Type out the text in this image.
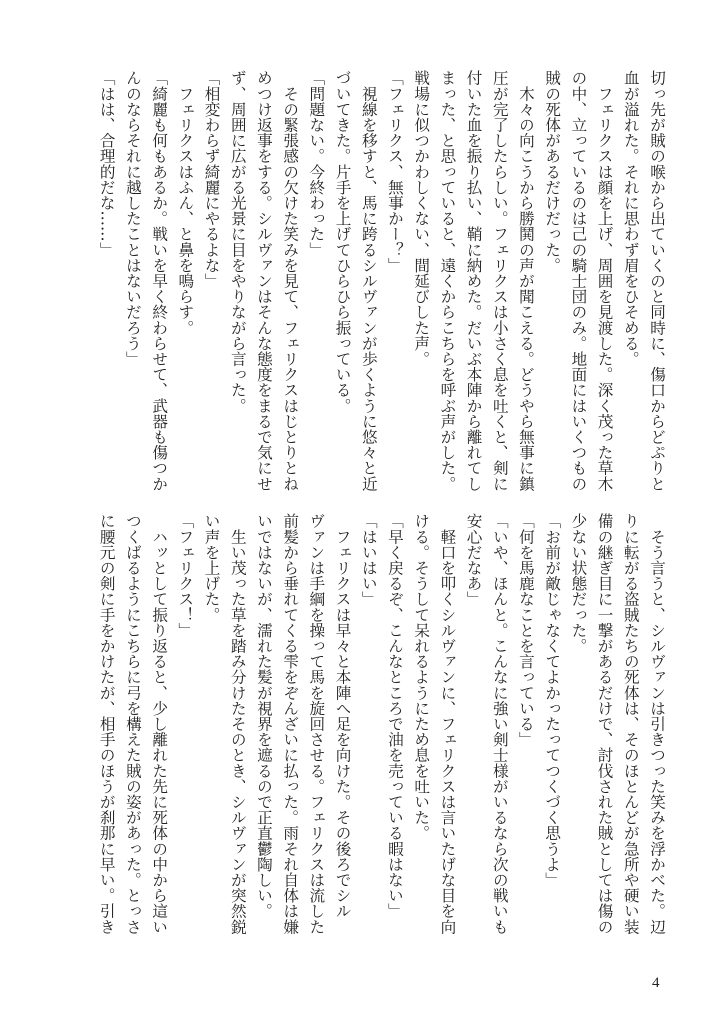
切っ先が賊の喉から出ていくのと同時に、傷口からどぷりと
血が溢れた。それに思わず眉をひそめる。
　フェリクスは顔を上げ、周囲を見渡した。深く茂った草木
の中、立っているのは己の騎士団のみ。地面にはいくつもの
賊の死体があるだけだった。
　木々の向こうから勝鬨の声が聞こえる。どうやら無事に鎮
圧が完了したらしい。フェリクスは小さく息を吐くと、剣に
付いた血を振り払い、鞘に納めた。だいぶ本陣から離れてし
まった、と思っていると、遠くからこちらを呼ぶ声がした。
戦場に似つかわしくない、間延びした声。
「フェリクス、無事かー？」
　視線を移すと、馬に跨るシルヴァンが歩くように悠々と近
づいてきた。片手を上げてひらひら振っている。
「問題ない。今終わった」
　その緊張感の欠けた笑みを見て、フェリクスはじとりとね
めつけ返事をする。シルヴァンはそんな態度をまるで気にせ
ず、周囲に広がる光景に目をやりながら言った。
「相変わらず綺麗にやるよな」
　フェリクスはふん、と鼻を鳴らす。
「綺麗も何もあるか。戦いを早く終わらせて、武器も傷つか
んのならそれに越したことはないだろう」
「はは、合理的だな……」
　そう言うと、シルヴァンは引きつった笑みを浮かべた。辺
りに転がる盗賊たちの死体は、そのほとんどが急所や硬い装
備の継ぎ目に一撃があるだけで、討伐された賊としては傷の
少ない状態だった。
「お前が敵じゃなくてよかったってつくづく思うよ」
「何を馬鹿なことを言っている」
「いや、ほんと。こんなに強い剣士様がいるなら次の戦いも
安心だなあ」
　軽口を叩くシルヴァンに、フェリクスは言いたげな目を向
ける。そうして呆れるようにため息を吐いた。
「早く戻るぞ、こんなところで油を売っている暇はない」
「はいはい」
　フェリクスは早々と本陣へ足を向けた。その後ろでシル
ヴァンは手綱を操って馬を旋回させる。フェリクスは流した
前髪から垂れてくる雫をぞんざいに払った。雨それ自体は嫌
いではないが、濡れた髪が視界を遮るので正直鬱陶しい。
　生い茂った草を踏み分けたそのとき、シルヴァンが突然鋭
い声を上げた。
「フェリクス！」
　ハッとして振り返ると、少し離れた先に死体の中から這い
つくばるようにこちらに弓を構えた賊の姿があった。とっさ
に腰元の剣に手をかけたが、相手のほうが刹那に早い。引き
4
